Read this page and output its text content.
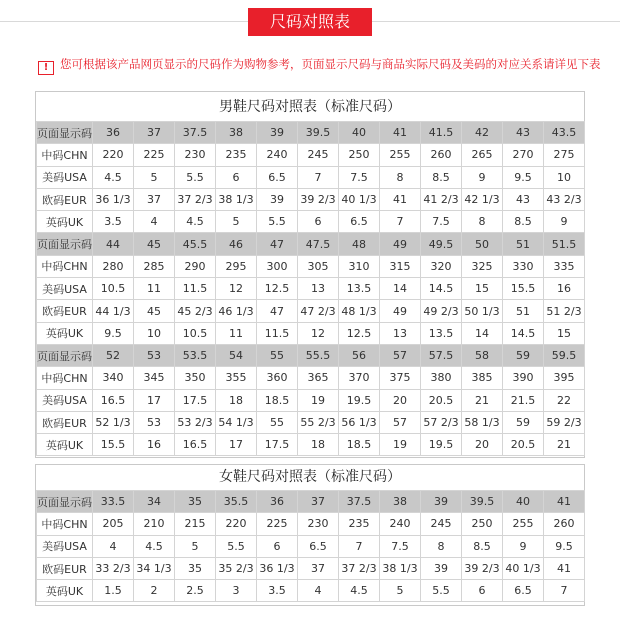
尺码对照表
! 您可根据该产品网页显示的尺码作为购物参考，页面显示尺码与商品实际尺码及美码的对应关系请详见下表
男鞋尺码对照表（标准尺码）
页面显示码	36	37	37.5	38	39	39.5	40	41	41.5	42	43	43.5
中码CHN	220	225	230	235	240	245	250	255	260	265	270	275
美码USA	4.5	5	5.5	6	6.5	7	7.5	8	8.5	9	9.5	10
欧码EUR	36 1/3	37	37 2/3	38 1/3	39	39 2/3	40 1/3	41	41 2/3	42 1/3	43	43 2/3
英码UK	3.5	4	4.5	5	5.5	6	6.5	7	7.5	8	8.5	9
页面显示码	44	45	45.5	46	47	47.5	48	49	49.5	50	51	51.5
中码CHN	280	285	290	295	300	305	310	315	320	325	330	335
美码USA	10.5	11	11.5	12	12.5	13	13.5	14	14.5	15	15.5	16
欧码EUR	44 1/3	45	45 2/3	46 1/3	47	47 2/3	48 1/3	49	49 2/3	50 1/3	51	51 2/3
英码UK	9.5	10	10.5	11	11.5	12	12.5	13	13.5	14	14.5	15
页面显示码	52	53	53.5	54	55	55.5	56	57	57.5	58	59	59.5
中码CHN	340	345	350	355	360	365	370	375	380	385	390	395
美码USA	16.5	17	17.5	18	18.5	19	19.5	20	20.5	21	21.5	22
欧码EUR	52 1/3	53	53 2/3	54 1/3	55	55 2/3	56 1/3	57	57 2/3	58 1/3	59	59 2/3
英码UK	15.5	16	16.5	17	17.5	18	18.5	19	19.5	20	20.5	21
女鞋尺码对照表（标准尺码）
页面显示码	33.5	34	35	35.5	36	37	37.5	38	39	39.5	40	41
中码CHN	205	210	215	220	225	230	235	240	245	250	255	260
美码USA	4	4.5	5	5.5	6	6.5	7	7.5	8	8.5	9	9.5
欧码EUR	33 2/3	34 1/3	35	35 2/3	36 1/3	37	37 2/3	38 1/3	39	39 2/3	40 1/3	41
英码UK	1.5	2	2.5	3	3.5	4	4.5	5	5.5	6	6.5	7
